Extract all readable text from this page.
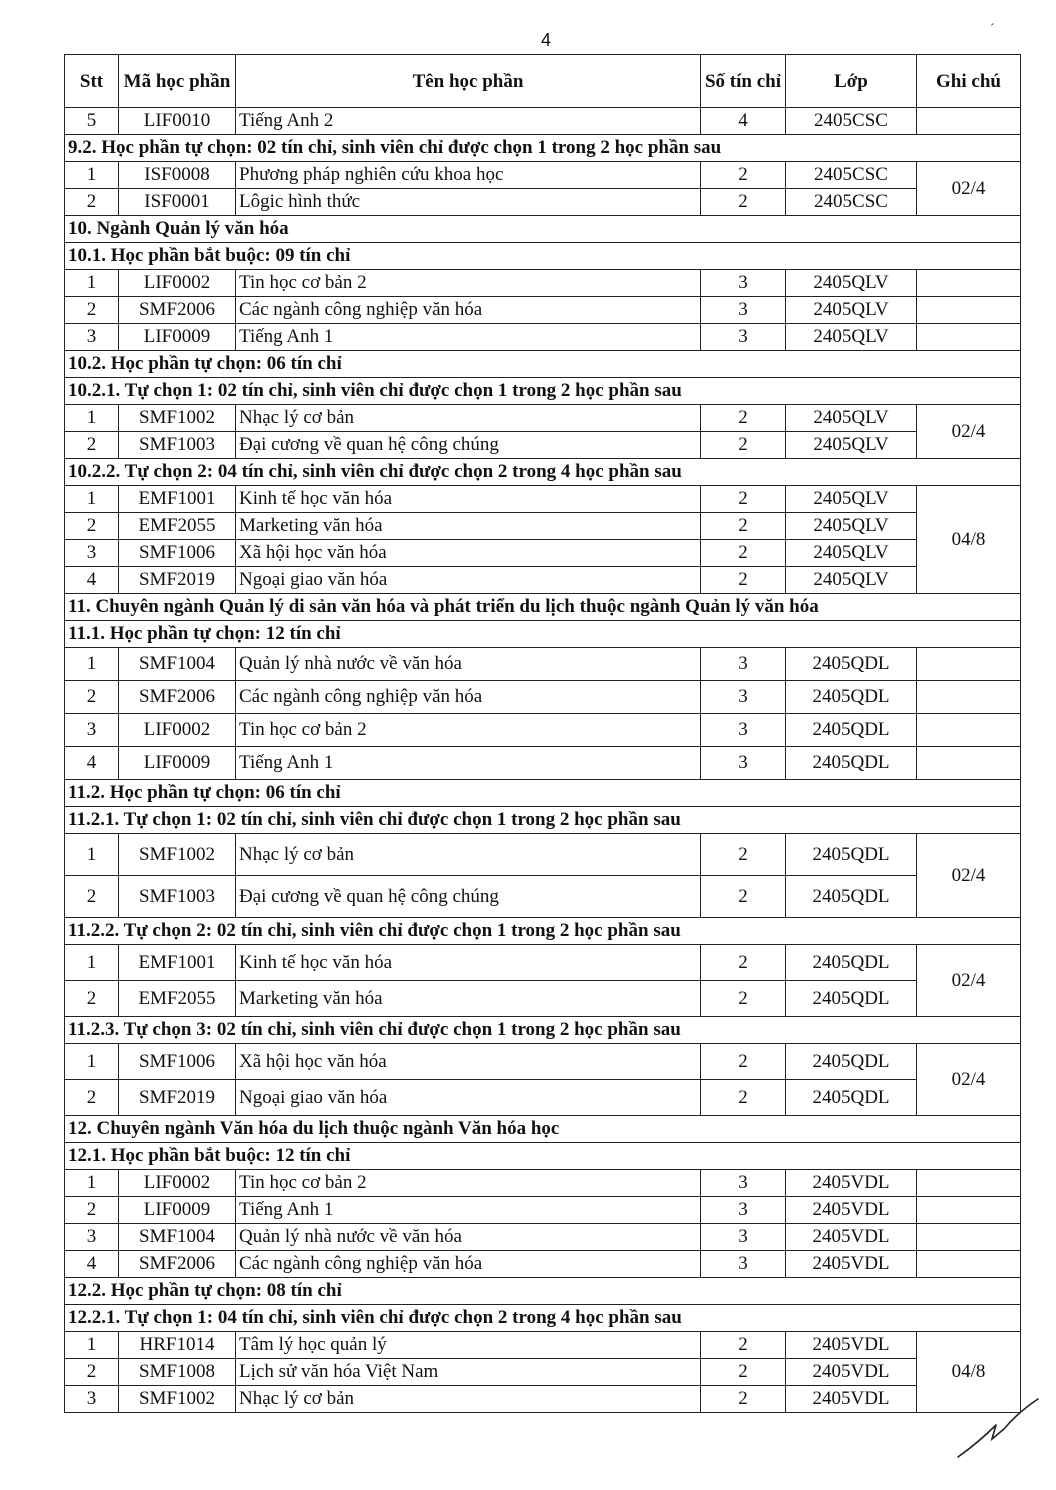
4
Stt	Mã học phần	Tên học phần	Số tín chỉ	Lớp	Ghi chú
5	LIF0010	Tiếng Anh 2	4	2405CSC	
9.2. Học phần tự chọn: 02 tín chỉ, sinh viên chỉ được chọn 1 trong 2 học phần sau					
1	ISF0008	Phương pháp nghiên cứu khoa học	2	2405CSC	02/4
2	ISF0001	Lôgic hình thức	2	2405CSC	
10. Ngành Quản lý văn hóa					
10.1. Học phần bắt buộc: 09 tín chỉ					
1	LIF0002	Tin học cơ bản 2	3	2405QLV	
2	SMF2006	Các ngành công nghiệp văn hóa	3	2405QLV	
3	LIF0009	Tiếng Anh 1	3	2405QLV	
10.2. Học phần tự chọn: 06 tín chỉ					
10.2.1. Tự chọn 1: 02 tín chỉ, sinh viên chỉ được chọn 1 trong 2 học phần sau					
1	SMF1002	Nhạc lý cơ bản	2	2405QLV	02/4
2	SMF1003	Đại cương về quan hệ công chúng	2	2405QLV	
10.2.2. Tự chọn 2: 04 tín chỉ, sinh viên chỉ được chọn 2 trong 4 học phần sau					
1	EMF1001	Kinh tế học văn hóa	2	2405QLV	04/8
2	EMF2055	Marketing văn hóa	2	2405QLV	
3	SMF1006	Xã hội học văn hóa	2	2405QLV	
4	SMF2019	Ngoại giao văn hóa	2	2405QLV	
11. Chuyên ngành Quản lý di sản văn hóa và phát triển du lịch thuộc ngành Quản lý văn hóa					
11.1. Học phần tự chọn: 12 tín chỉ					
1	SMF1004	Quản lý nhà nước về văn hóa	3	2405QDL	
2	SMF2006	Các ngành công nghiệp văn hóa	3	2405QDL	
3	LIF0002	Tin học cơ bản 2	3	2405QDL	
4	LIF0009	Tiếng Anh 1	3	2405QDL	
11.2. Học phần tự chọn: 06 tín chỉ					
11.2.1. Tự chọn 1: 02 tín chỉ, sinh viên chỉ được chọn 1 trong 2 học phần sau					
1	SMF1002	Nhạc lý cơ bản	2	2405QDL	02/4
2	SMF1003	Đại cương về quan hệ công chúng	2	2405QDL	
11.2.2. Tự chọn 2: 02 tín chỉ, sinh viên chỉ được chọn 1 trong 2 học phần sau					
1	EMF1001	Kinh tế học văn hóa	2	2405QDL	02/4
2	EMF2055	Marketing văn hóa	2	2405QDL	
11.2.3. Tự chọn 3: 02 tín chỉ, sinh viên chỉ được chọn 1 trong 2 học phần sau					
1	SMF1006	Xã hội học văn hóa	2	2405QDL	02/4
2	SMF2019	Ngoại giao văn hóa	2	2405QDL	
12. Chuyên ngành Văn hóa du lịch thuộc ngành Văn hóa học					
12.1. Học phần bắt buộc: 12 tín chỉ					
1	LIF0002	Tin học cơ bản 2	3	2405VDL	
2	LIF0009	Tiếng Anh 1	3	2405VDL	
3	SMF1004	Quản lý nhà nước về văn hóa	3	2405VDL	
4	SMF2006	Các ngành công nghiệp văn hóa	3	2405VDL	
12.2. Học phần tự chọn: 08 tín chỉ					
12.2.1. Tự chọn 1: 04 tín chỉ, sinh viên chỉ được chọn 2 trong 4 học phần sau					
1	HRF1014	Tâm lý học quản lý	2	2405VDL	04/8
2	SMF1008	Lịch sử văn hóa Việt Nam	2	2405VDL	
3	SMF1002	Nhạc lý cơ bản	2	2405VDL	
ˊ
